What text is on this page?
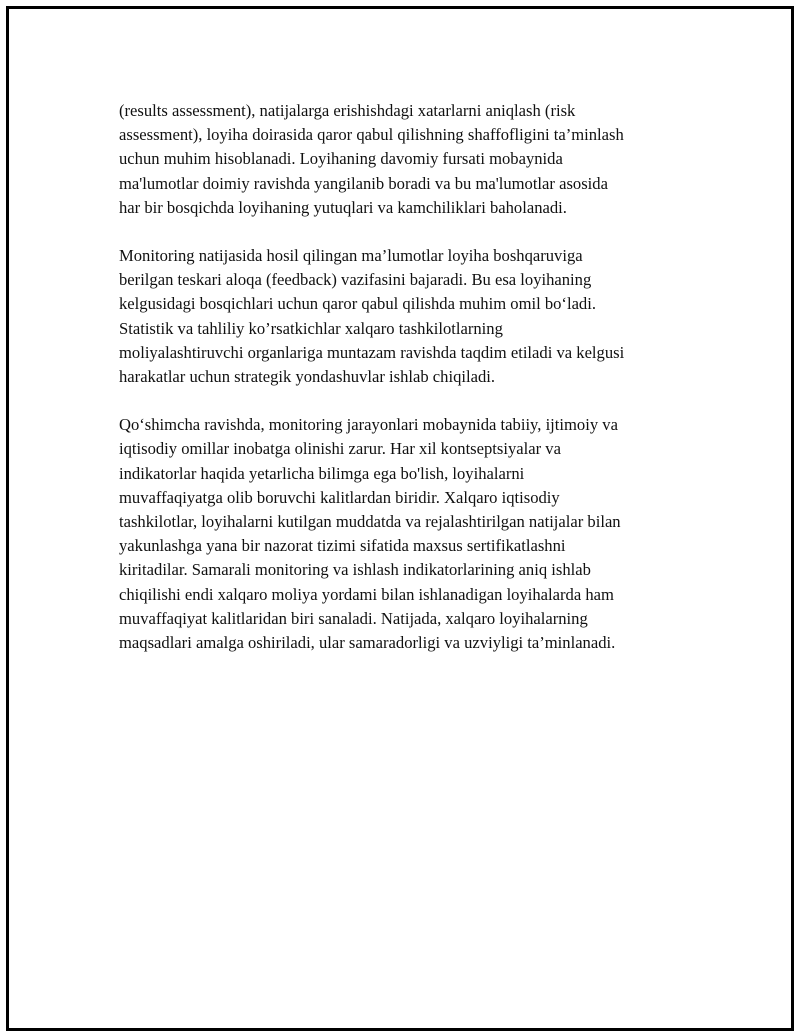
(results assessment), natijalarga erishishdagi xatarlarni aniqlash (risk
assessment), loyiha doirasida qaror qabul qilishning shaffofligini ta’minlash
uchun muhim hisoblanadi. Loyihaning davomiy fursati mobaynida
ma'lumotlar doimiy ravishda yangilanib boradi va bu ma'lumotlar asosida
har bir bosqichda loyihaning yutuqlari va kamchiliklari baholanadi.

Monitoring natijasida hosil qilingan ma’lumotlar loyiha boshqaruviga
berilgan teskari aloqa (feedback) vazifasini bajaradi. Bu esa loyihaning
kelgusidagi bosqichlari uchun qaror qabul qilishda muhim omil bo‘ladi.
Statistik va tahliliy ko’rsatkichlar xalqaro tashkilotlarning
moliyalashtiruvchi organlariga muntazam ravishda taqdim etiladi va kelgusi
harakatlar uchun strategik yondashuvlar ishlab chiqiladi.

Qo‘shimcha ravishda, monitoring jarayonlari mobaynida tabiiy, ijtimoiy va
iqtisodiy omillar inobatga olinishi zarur. Har xil kontseptsiyalar va
indikatorlar haqida yetarlicha bilimga ega bo'lish, loyihalarni
muvaffaqiyatga olib boruvchi kalitlardan biridir. Xalqaro iqtisodiy
tashkilotlar, loyihalarni kutilgan muddatda va rejalashtirilgan natijalar bilan
yakunlashga yana bir nazorat tizimi sifatida maxsus sertifikatlashni
kiritadilar. Samarali monitoring va ishlash indikatorlarining aniq ishlab
chiqilishi endi xalqaro moliya yordami bilan ishlanadigan loyihalarda ham
muvaffaqiyat kalitlaridan biri sanaladi. Natijada, xalqaro loyihalarning
maqsadlari amalga oshiriladi, ular samaradorligi va uzviyligi ta’minlanadi.
